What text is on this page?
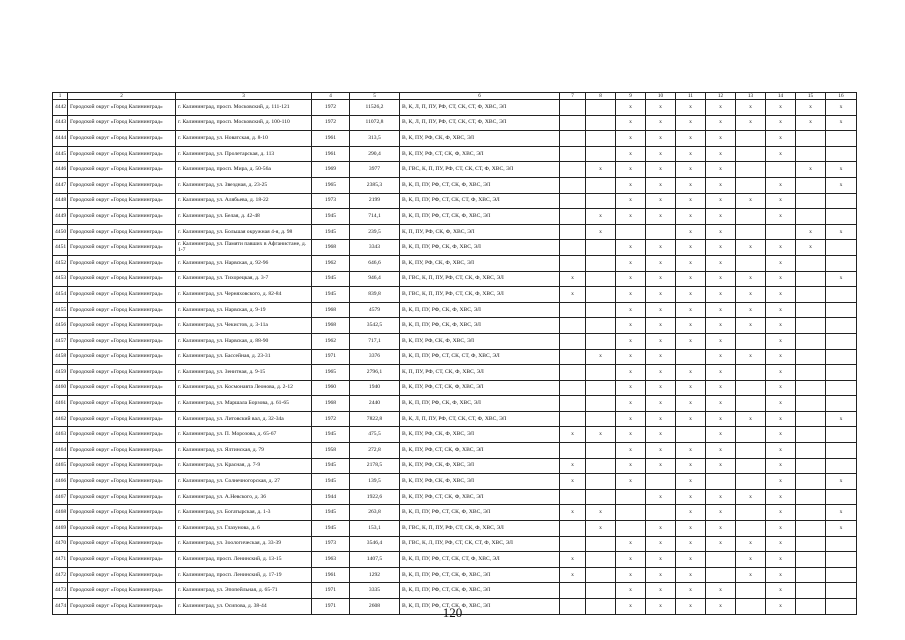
1	2	3	4	5	6	7	8	9	10	11	12	13	14	15	16
4442	Городской округ «Город Калининград»	г. Калининград, просп. Московский, д. 111-121	1972	11526,2	В, К, Л, П, ПУ, РФ, СТ, СК, СТ, Ф, ХВС, ЭЛ			x	x	x	x	x	x	x	x
4443	Городской округ «Город Калининград»	г. Калининград, просп. Московский, д. 100-110	1972	11072,8	В, К, Л, П, ПУ, РФ, СТ, СК, СТ, Ф, ХВС, ЭЛ			x	x	x	x	x	x	x	x
4444	Городской округ «Город Калининград»	г. Калининград, ул. Новатская, д. 8-10	1961	313,5	В, К, ПУ, РФ, СК, Ф, ХВС, ЭЛ			x	x	x	x		x		
4445	Городской округ «Город Калининград»	г. Калининград, ул. Пролетарская, д. 113	1961	290,4	В, К, ПУ, РФ, СТ, СК, Ф, ХВС, ЭЛ			x	x	x	x		x		
4446	Городской округ «Город Калининград»	г. Калининград, просп. Мира, д. 50-56а	1969	3977	В, ГВС, К, П, ПУ, РФ, СТ, СК, СТ, Ф, ХВС, ЭЛ		x	x	x	x	x			x	x
4447	Городской округ «Город Калининград»	г. Калининград, ул. Звездная, д. 23-25	1965	2385,3	В, К, П, ПУ, РФ, СТ, СК, Ф, ХВС, ЭЛ			x	x	x	x		x		x
4448	Городской округ «Город Калининград»	г. Калининград, ул. Алябьева, д. 18-22	1973	2199	В, К, П, ПУ, РФ, СТ, СК, СТ, Ф, ХВС, ЭЛ			x	x	x	x	x	x		
4449	Городской округ «Город Калининград»	г. Калининград, ул. Белая, д. 42-48	1945	714,1	В, К, П, ПУ, РФ, СТ, СК, Ф, ХВС, ЭЛ		x	x	x	x	x		x		
4450	Городской округ «Город Калининград»	г. Калининград, ул. Большая окружная 4-я, д. 98	1945	239,5	К, П, ПУ, РФ, СК, Ф, ХВС, ЭЛ		x			x	x			x	x
4451	Городской округ «Город Калининград»	г. Калининград, ул. Памяти павших в Афганистане, д. 1-7	1968	3343	В, К, П, ПУ, РФ, СК, Ф, ХВС, ЭЛ			x	x	x	x	x	x	x	
4452	Городской округ «Город Калининград»	г. Калининград, ул. Нарвская, д. 92-96	1962	646,6	В, К, ПУ, РФ, СК, Ф, ХВС, ЭЛ			x	x	x	x		x		
4453	Городской округ «Город Калининград»	г. Калининград, ул. Тихорецкая, д. 3-7	1945	946,4	В, ГВС, К, П, ПУ, РФ, СТ, СК, Ф, ХВС, ЭЛ	x		x	x	x	x	x	x		x
4454	Городской округ «Город Калининград»	г. Калининград, ул. Черняховского, д. 82-84	1945	839,8	В, ГВС, К, П, ПУ, РФ, СТ, СК, Ф, ХВС, ЭЛ	x		x	x	x	x	x	x		
4455	Городской округ «Город Калининград»	г. Калининград, ул. Нарвская, д. 9-19	1968	4579	В, К, П, ПУ, РФ, СК, Ф, ХВС, ЭЛ			x	x	x	x	x	x		
4456	Городской округ «Город Калининград»	г. Калининград, ул. Чекистов, д. 3-11а	1968	3542,5	В, К, П, ПУ, РФ, СК, Ф, ХВС, ЭЛ			x	x	x	x	x	x		
4457	Городской округ «Город Калининград»	г. Калининград, ул. Нарвская, д. 88-90	1962	717,1	В, К, ПУ, РФ, СК, Ф, ХВС, ЭЛ			x	x	x	x		x		
4458	Городской округ «Город Калининград»	г. Калининград, ул. Бассейная, д. 23-31	1971	3376	В, К, П, ПУ, РФ, СТ, СК, СТ, Ф, ХВС, ЭЛ		x	x	x		x	x	x		
4459	Городской округ «Город Калининград»	г. Калининград, ул. Зенитная, д. 9-15	1965	2796,1	К, П, ПУ, РФ, СТ, СК, Ф, ХВС, ЭЛ			x	x	x	x		x		
4460	Городской округ «Город Калининград»	г. Калининград, ул. Космонавта Леонова, д. 2-12	1960	1940	В, К, ПУ, РФ, СТ, СК, Ф, ХВС, ЭЛ			x	x	x	x		x		
4461	Городской округ «Город Калининград»	г. Калининград, ул. Маршала Борзова, д. 61-65	1968	2440	В, К, П, ПУ, РФ, СК, Ф, ХВС, ЭЛ			x	x	x	x		x		
4462	Городской округ «Город Калининград»	г. Калининград, ул. Литовский вал, д. 32-34а	1972	7822,8	В, К, Л, П, ПУ, РФ, СТ, СК, СТ, Ф, ХВС, ЭЛ			x	x	x	x	x	x		x
4463	Городской округ «Город Калининград»	г. Калининград, ул. П. Морозова, д. 65-67	1945	475,5	В, К, ПУ, РФ, СК, Ф, ХВС, ЭЛ	x	x	x	x		x		x		
4464	Городской округ «Город Калининград»	г. Калининград, ул. Ялтинская, д. 79	1958	272,8	В, К, ПУ, РФ, СТ, СК, Ф, ХВС, ЭЛ			x	x	x	x		x		
4465	Городской округ «Город Калининград»	г. Калининград, ул. Красная, д. 7-9	1945	2178,5	В, К, ПУ, РФ, СК, Ф, ХВС, ЭЛ	x		x	x	x	x		x		
4466	Городской округ «Город Калининград»	г. Калининград, ул. Солнечногорская, д. 27	1945	139,5	В, К, ПУ, РФ, СК, Ф, ХВС, ЭЛ	x		x		x			x		x
4467	Городской округ «Город Калининград»	г. Калининград, ул. А.Невского, д. 36	1944	1922,6	В, К, ПУ, РФ, СТ, СК, Ф, ХВС, ЭЛ				x	x	x	x	x		
4468	Городской округ «Город Калининград»	г. Калининград, ул. Богатырская, д. 1-3	1945	263,8	В, К, П, ПУ, РФ, СТ, СК, Ф, ХВС, ЭЛ	x	x			x	x		x		x
4469	Городской округ «Город Калининград»	г. Калининград, ул. Глазунова, д. 6	1945	153,1	В, ГВС, К, П, ПУ, РФ, СТ, СК, Ф, ХВС, ЭЛ		x		x	x	x		x		x
4470	Городской округ «Город Калининград»	г. Калининград, ул. Зоологическая, д. 33-39	1973	3546,4	В, ГВС, К, Л, ПУ, РФ, СТ, СК, СТ, Ф, ХВС, ЭЛ			x	x	x	x	x	x		
4471	Городской округ «Город Калининград»	г. Калининград, просп. Ленинский, д. 13-15	1963	1407,5	В, К, П, ПУ, РФ, СТ, СК, СТ, Ф, ХВС, ЭЛ	x		x	x	x		x	x		
4472	Городской округ «Город Калининград»	г. Калининград, просп. Ленинский, д. 17-19	1961	1292	В, К, П, ПУ, РФ, СТ, СК, Ф, ХВС, ЭЛ	x		x	x	x		x	x		
4473	Городской округ «Город Калининград»	г. Калининград, ул. Эпопейльная, д. 65-71	1971	3335	В, К, П, ПУ, РФ, СТ, СК, Ф, ХВС, ЭЛ			x	x	x	x		x		
4474	Городской округ «Город Калининград»	г. Калининград, ул. Осипова, д. 38-44	1971	2608	В, К, П, ПУ, РФ, СТ, СК, Ф, ХВС, ЭЛ			x	x	x	x		x		
120
